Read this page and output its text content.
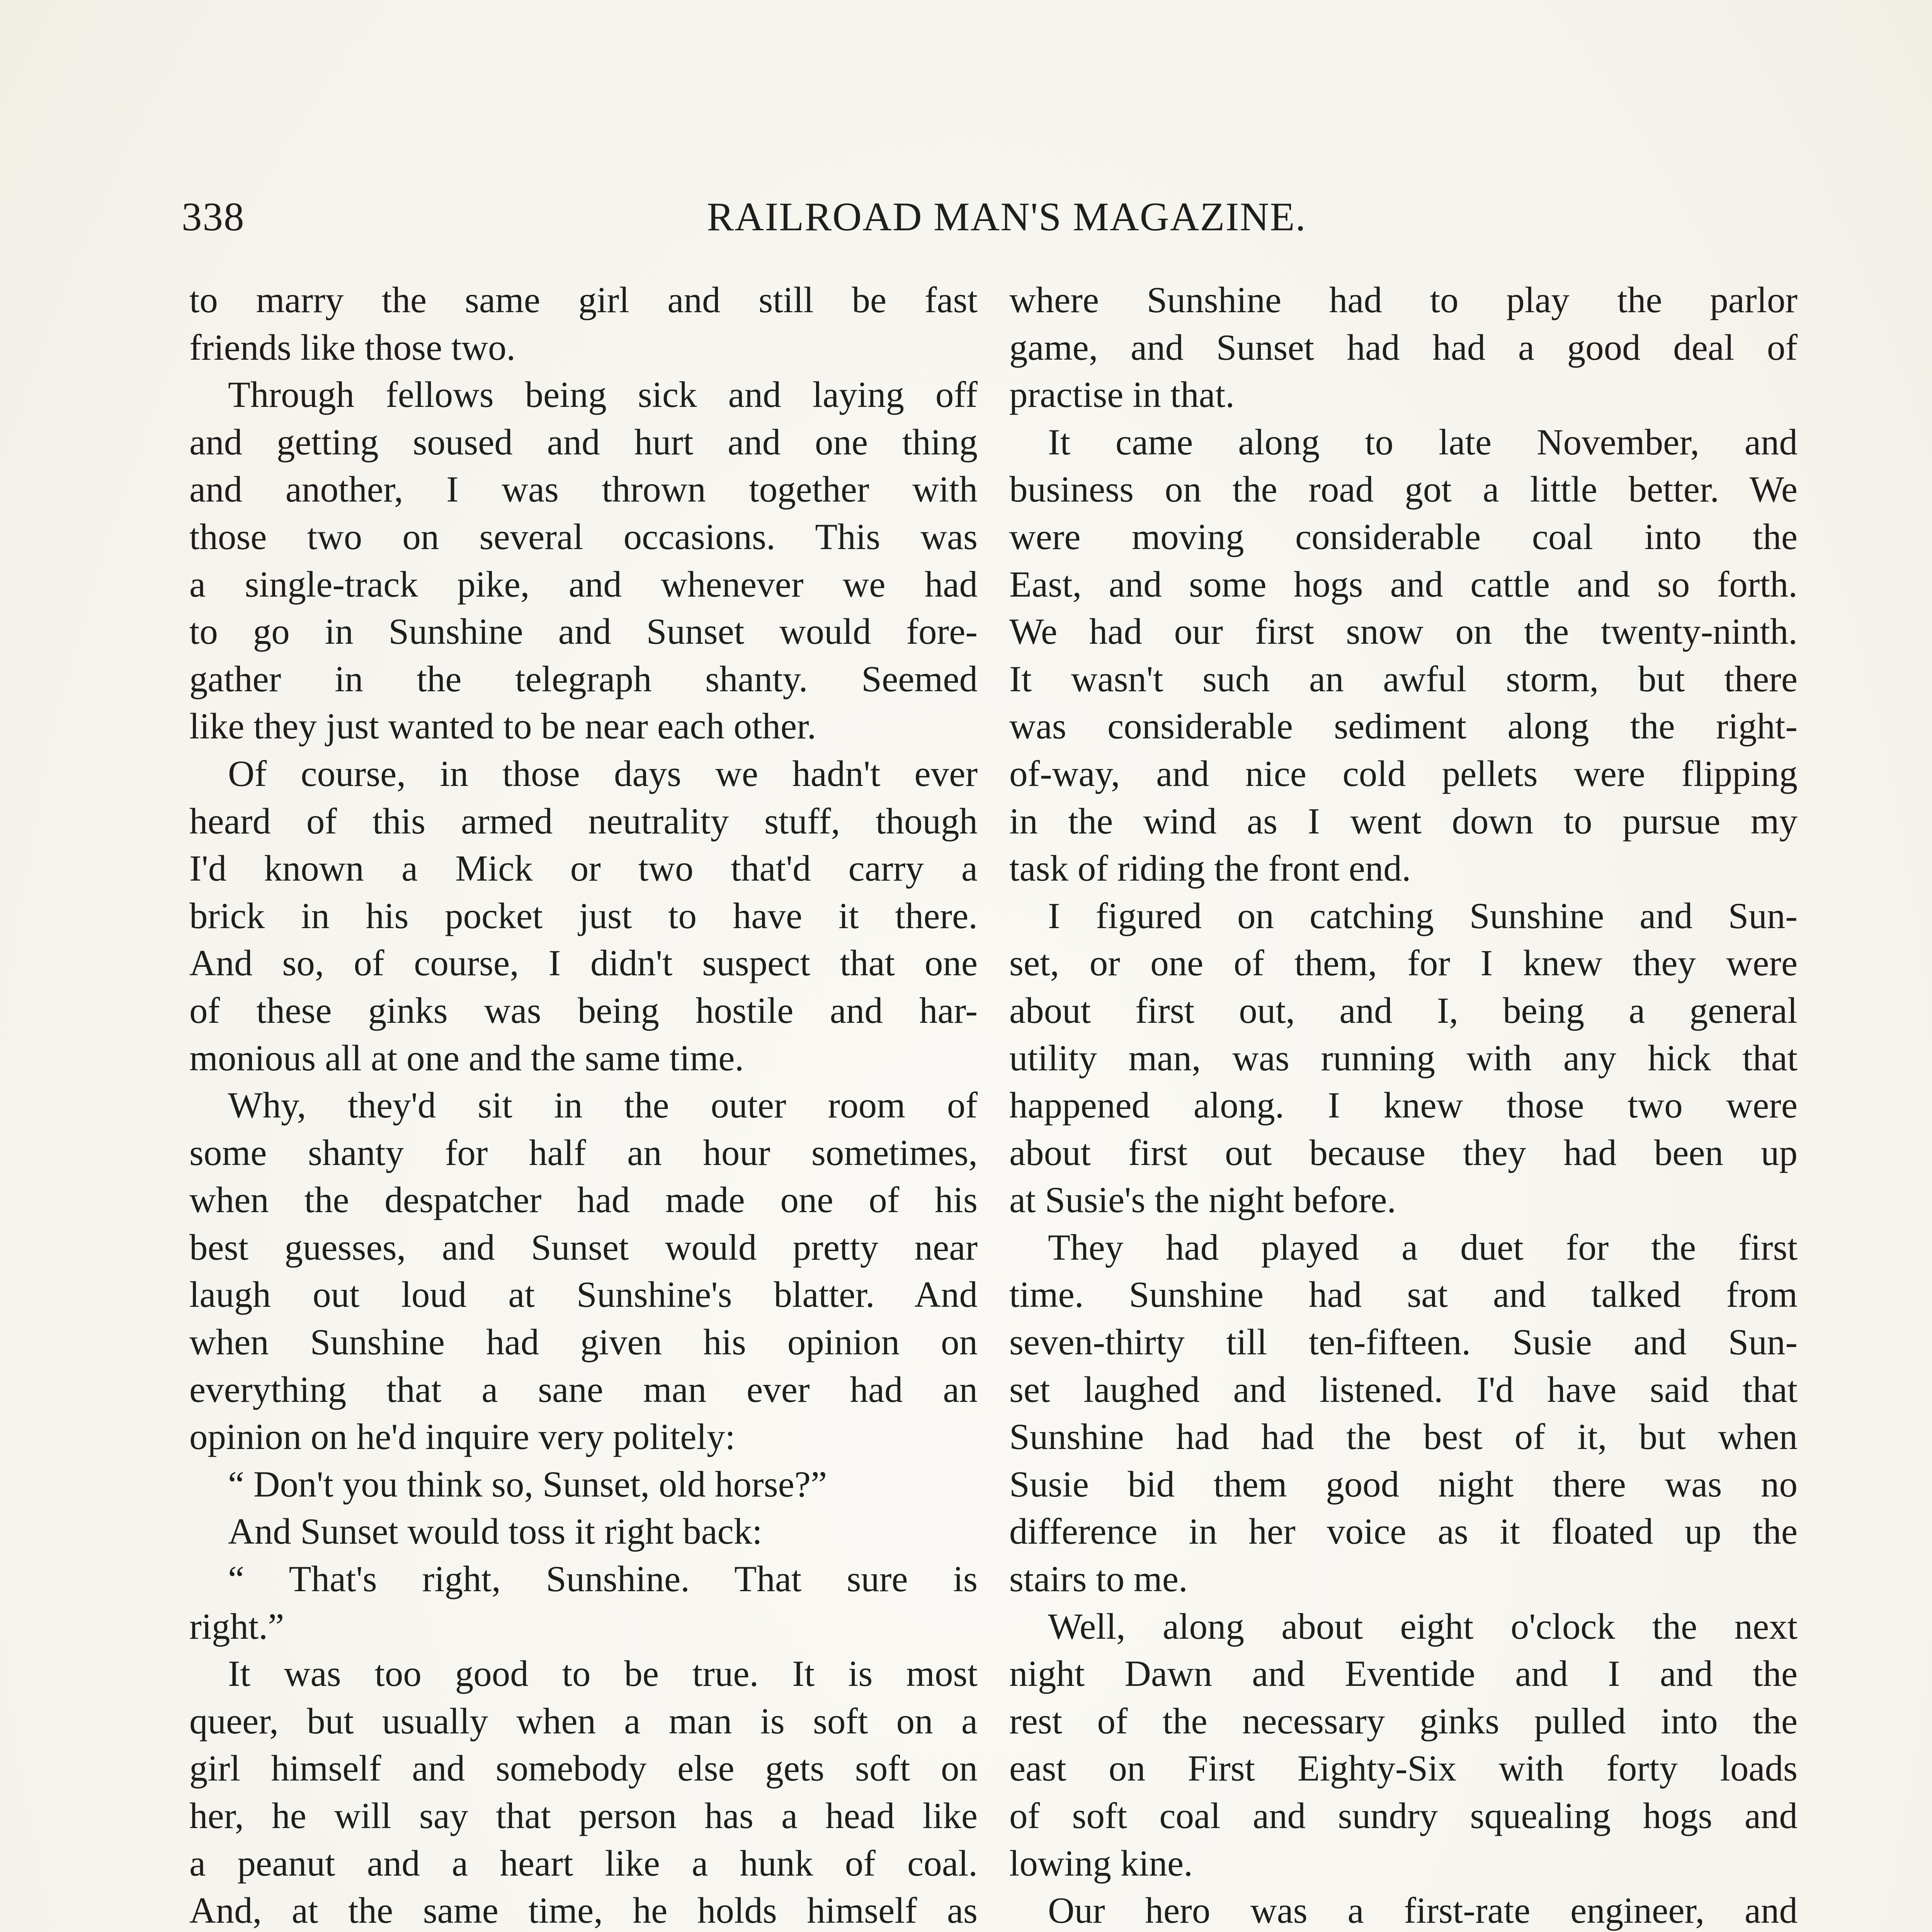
338	RAILROAD MAN'S MAGAZINE.
to marry the same girl and still be fast
friends like those two.
Through fellows being sick and laying off
and getting soused and hurt and one thing
and another, I was thrown together with
those two on several occasions. This was
a single-track pike, and whenever we had
to go in Sunshine and Sunset would fore-
gather in the telegraph shanty. Seemed
like they just wanted to be near each other.
Of course, in those days we hadn't ever
heard of this armed neutrality stuff, though
I'd known a Mick or two that'd carry a
brick in his pocket just to have it there.
And so, of course, I didn't suspect that one
of these ginks was being hostile and har-
monious all at one and the same time.
Why, they'd sit in the outer room of
some shanty for half an hour sometimes,
when the despatcher had made one of his
best guesses, and Sunset would pretty near
laugh out loud at Sunshine's blatter. And
when Sunshine had given his opinion on
everything that a sane man ever had an
opinion on he'd inquire very politely:
“ Don't you think so, Sunset, old horse?”
And Sunset would toss it right back:
“ That's right, Sunshine. That sure is
right.”
It was too good to be true. It is most
queer, but usually when a man is soft on a
girl himself and somebody else gets soft on
her, he will say that person has a head like
a peanut and a heart like a hunk of coal.
And, at the same time, he holds himself as
where Sunshine had to play the parlor
game, and Sunset had had a good deal of
practise in that.
It came along to late November, and
business on the road got a little better. We
were moving considerable coal into the
East, and some hogs and cattle and so forth.
We had our first snow on the twenty-ninth.
It wasn't such an awful storm, but there
was considerable sediment along the right-
of-way, and nice cold pellets were flipping
in the wind as I went down to pursue my
task of riding the front end.
I figured on catching Sunshine and Sun-
set, or one of them, for I knew they were
about first out, and I, being a general
utility man, was running with any hick that
happened along. I knew those two were
about first out because they had been up
at Susie's the night before.
They had played a duet for the first
time. Sunshine had sat and talked from
seven-thirty till ten-fifteen. Susie and Sun-
set laughed and listened. I'd have said that
Sunshine had had the best of it, but when
Susie bid them good night there was no
difference in her voice as it floated up the
stairs to me.
Well, along about eight o'clock the next
night Dawn and Eventide and I and the
rest of the necessary ginks pulled into the
east on First Eighty-Six with forty loads
of soft coal and sundry squealing hogs and
lowing kine.
Our hero was a first-rate engineer, and
